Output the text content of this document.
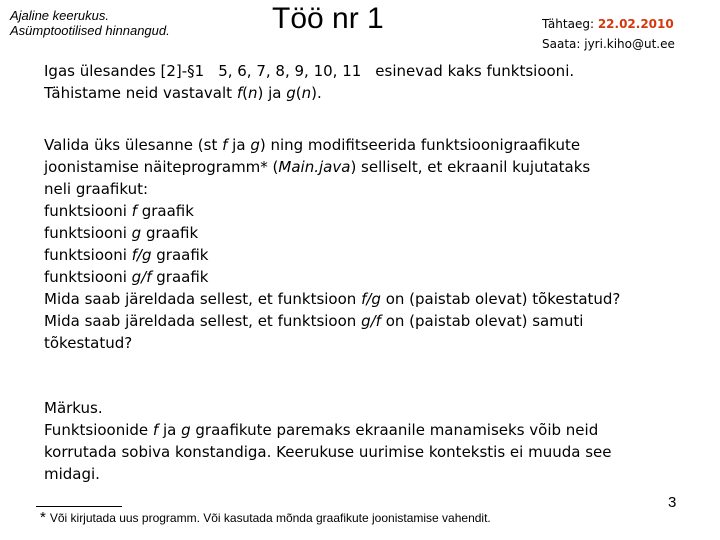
Ajaline keerukus.
Asümptootilised hinnangud.	Töö nr 1	Tähtaeg: 22.02.2010
Saata: jyri.kiho@ut.ee
Igas ülesandes [2]-§1 5, 6, 7, 8, 9, 10, 11 esinevad kaks funktsiooni.
Tähistame neid vastavalt f(n) ja g(n).
Valida üks ülesanne (st f ja g) ning modifitseerida funktsioonigraafikute
joonistamise näiteprogramm* (Main.java) selliselt, et ekraanil kujutataks
neli graafikut:
funktsiooni f graafik
funktsiooni g graafik
funktsiooni f/g graafik
funktsiooni g/f graafik
Mida saab järeldada sellest, et funktsioon f/g on (paistab olevat) tõkestatud?
Mida saab järeldada sellest, et funktsioon g/f on (paistab olevat) samuti
tõkestatud?
Märkus.
Funktsioonide f ja g graafikute paremaks ekraanile manamiseks võib neid
korrutada sobiva konstandiga. Keerukuse uurimise kontekstis ei muuda see
midagi.
* Või kirjutada uus programm. Või kasutada mõnda graafikute joonistamise vahendit.
3
